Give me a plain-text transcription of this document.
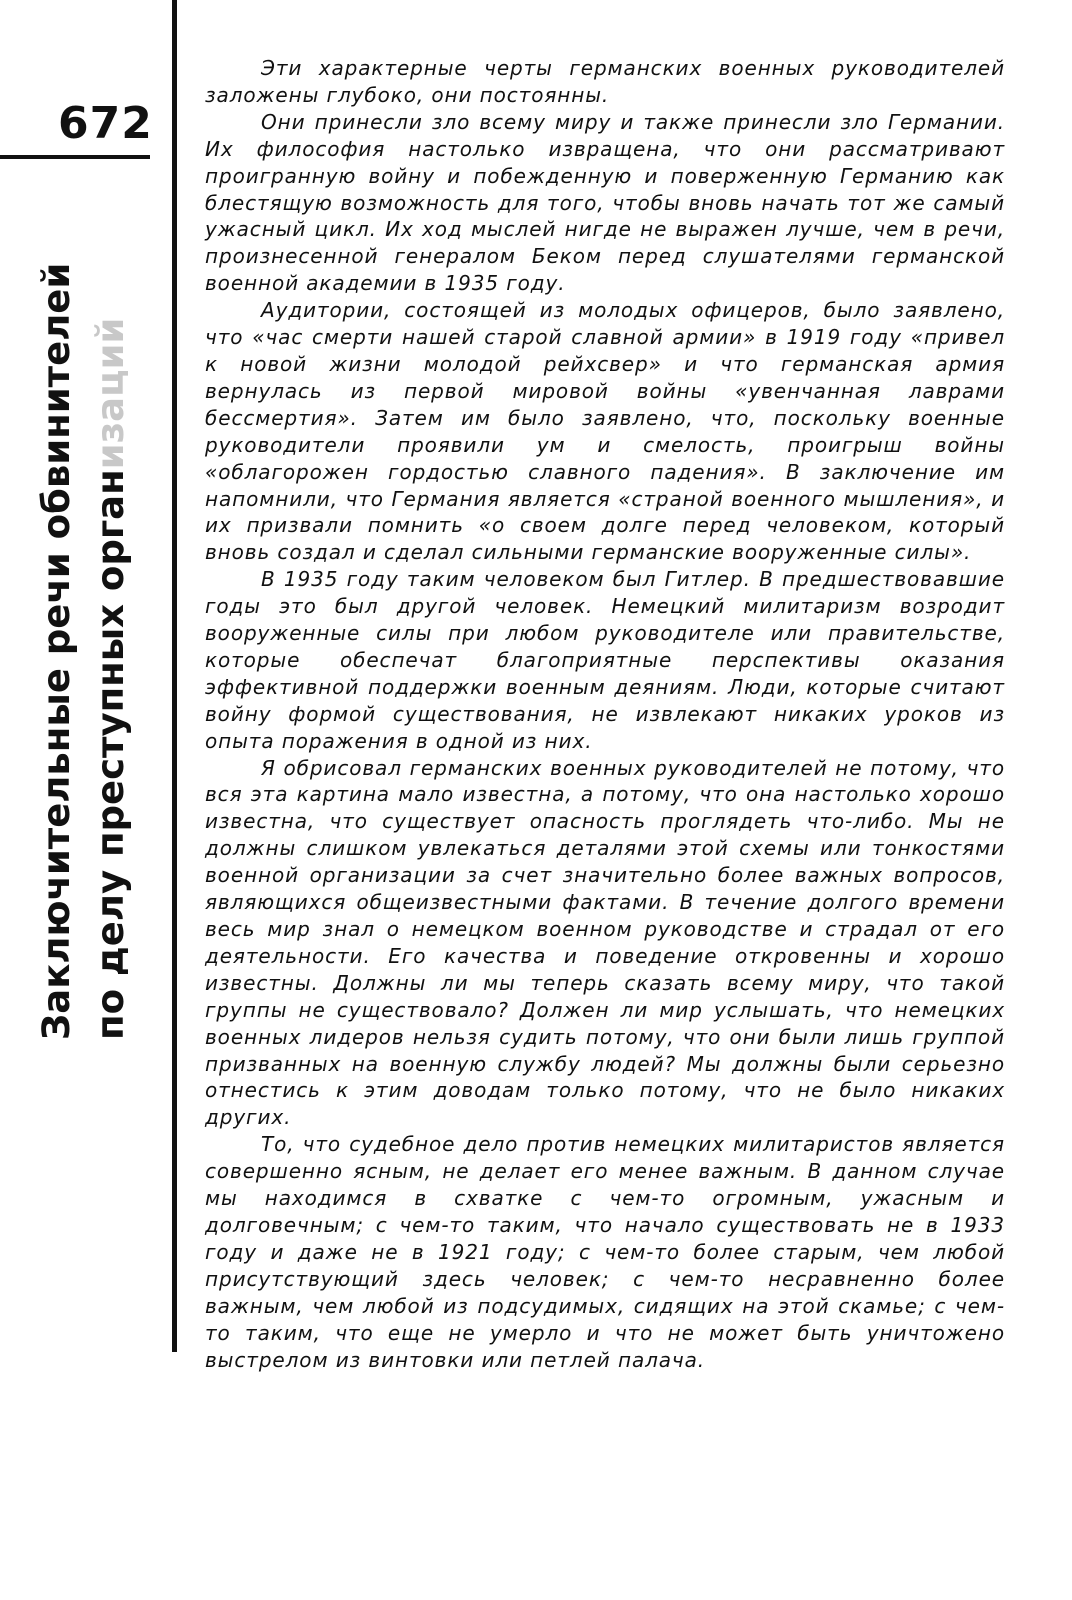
672
Заключительные речи обвинителей по делу преступных организаций

Эти характерные черты германских военных руководителей заложены глубоко, они постоянны.

Они принесли зло всему миру и также принесли зло Германии. Их философия настолько извращена, что они рассматривают проигранную войну и побежденную и поверженную Германию как блестящую возможность для того, чтобы вновь начать тот же самый ужасный цикл. Их ход мыслей нигде не выражен лучше, чем в речи, произнесенной генералом Беком перед слушателями германской военной академии в 1935 году.

Аудитории, состоящей из молодых офицеров, было заявлено, что «час смерти нашей старой славной армии» в 1919 году «привел к новой жизни молодой рейхсвер» и что германская армия вернулась из первой мировой войны «увенчанная лаврами бессмертия». Затем им было заявлено, что, поскольку военные руководители проявили ум и смелость, проигрыш войны «облагорожен гордостью славного падения». В заключение им напомнили, что Германия является «страной военного мышления», и их призвали помнить «о своем долге перед человеком, который вновь создал и сделал сильными германские вооруженные силы».

В 1935 году таким человеком был Гитлер. В предшествовавшие годы это был другой человек. Немецкий милитаризм возродит вооруженные силы при любом руководителе или правительстве, которые обеспечат благоприятные перспективы оказания эффективной поддержки военным деяниям. Люди, которые считают войну формой существования, не извлекают никаких уроков из опыта поражения в одной из них.

Я обрисовал германских военных руководителей не потому, что вся эта картина мало известна, а потому, что она настолько хорошо известна, что существует опасность проглядеть что-либо. Мы не должны слишком увлекаться деталями этой схемы или тонкостями военной организации за счет значительно более важных вопросов, являющихся общеизвестными фактами. В течение долгого времени весь мир знал о немецком военном руководстве и страдал от его деятельности. Его качества и поведение откровенны и хорошо известны. Должны ли мы теперь сказать всему миру, что такой группы не существовало? Должен ли мир услышать, что немецких военных лидеров нельзя судить потому, что они были лишь группой призванных на военную службу людей? Мы должны были серьезно отнестись к этим доводам только потому, что не было никаких других.

То, что судебное дело против немецких милитаристов является совершенно ясным, не делает его менее важным. В данном случае мы находимся в схватке с чем-то огромным, ужасным и долговечным; с чем-то таким, что начало существовать не в 1933 году и даже не в 1921 году; с чем-то более старым, чем любой присутствующий здесь человек; с чем-то несравненно более важным, чем любой из подсудимых, сидящих на этой скамье; с чем-то таким, что еще не умерло и что не может быть уничтожено выстрелом из винтовки или петлей палача.
